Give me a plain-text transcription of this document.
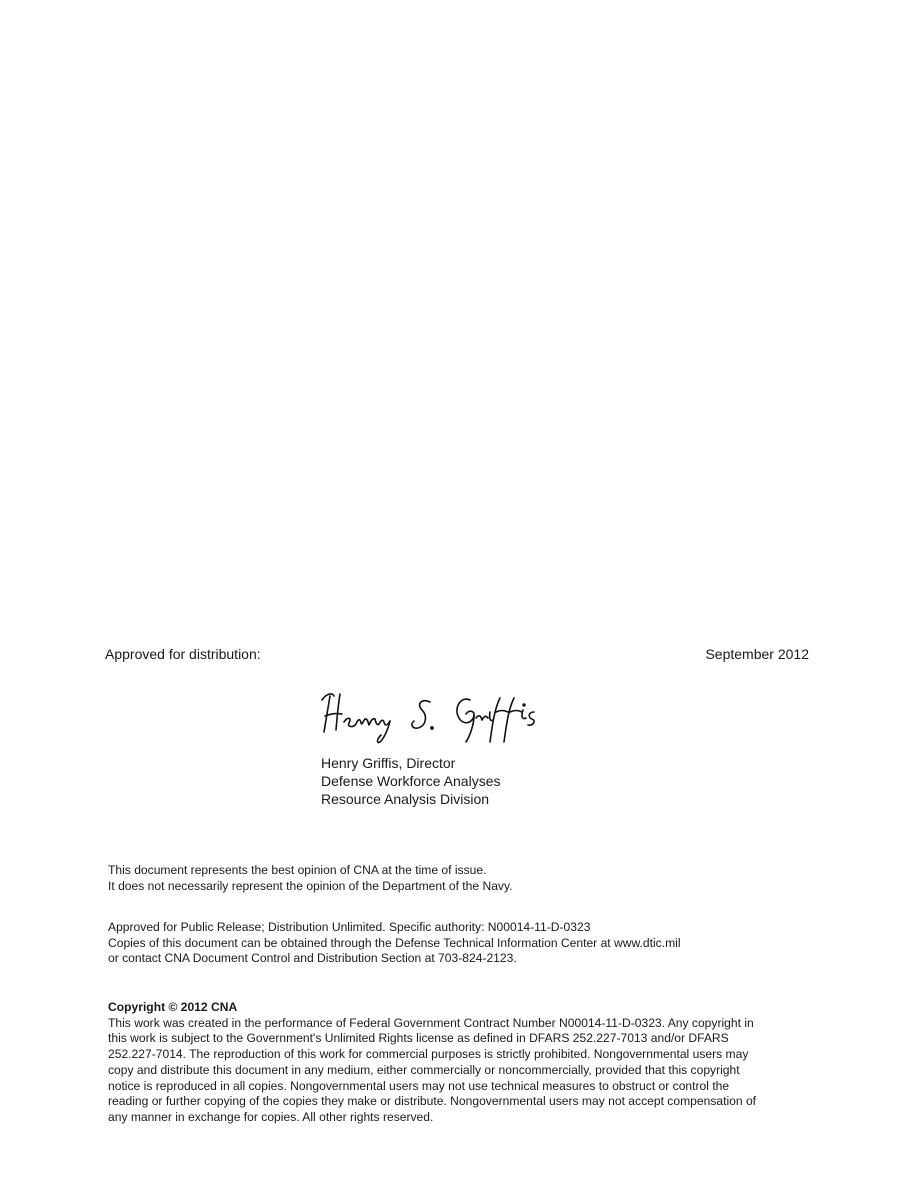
Approved for distribution:	September 2012
Henry Griffis, Director
Defense Workforce Analyses
Resource Analysis Division
This document represents the best opinion of CNA at the time of issue.
It does not necessarily represent the opinion of the Department of the Navy.
Approved for Public Release; Distribution Unlimited. Specific authority: N00014-11-D-0323
Copies of this document can be obtained through the Defense Technical Information Center at www.dtic.mil
or contact CNA Document Control and Distribution Section at 703-824-2123.
Copyright © 2012 CNA
This work was created in the performance of Federal Government Contract Number N00014-11-D-0323. Any copyright in
this work is subject to the Government's Unlimited Rights license as defined in DFARS 252.227-7013 and/or DFARS
252.227-7014. The reproduction of this work for commercial purposes is strictly prohibited. Nongovernmental users may
copy and distribute this document in any medium, either commercially or noncommercially, provided that this copyright
notice is reproduced in all copies. Nongovernmental users may not use technical measures to obstruct or control the
reading or further copying of the copies they make or distribute. Nongovernmental users may not accept compensation of
any manner in exchange for copies. All other rights reserved.
